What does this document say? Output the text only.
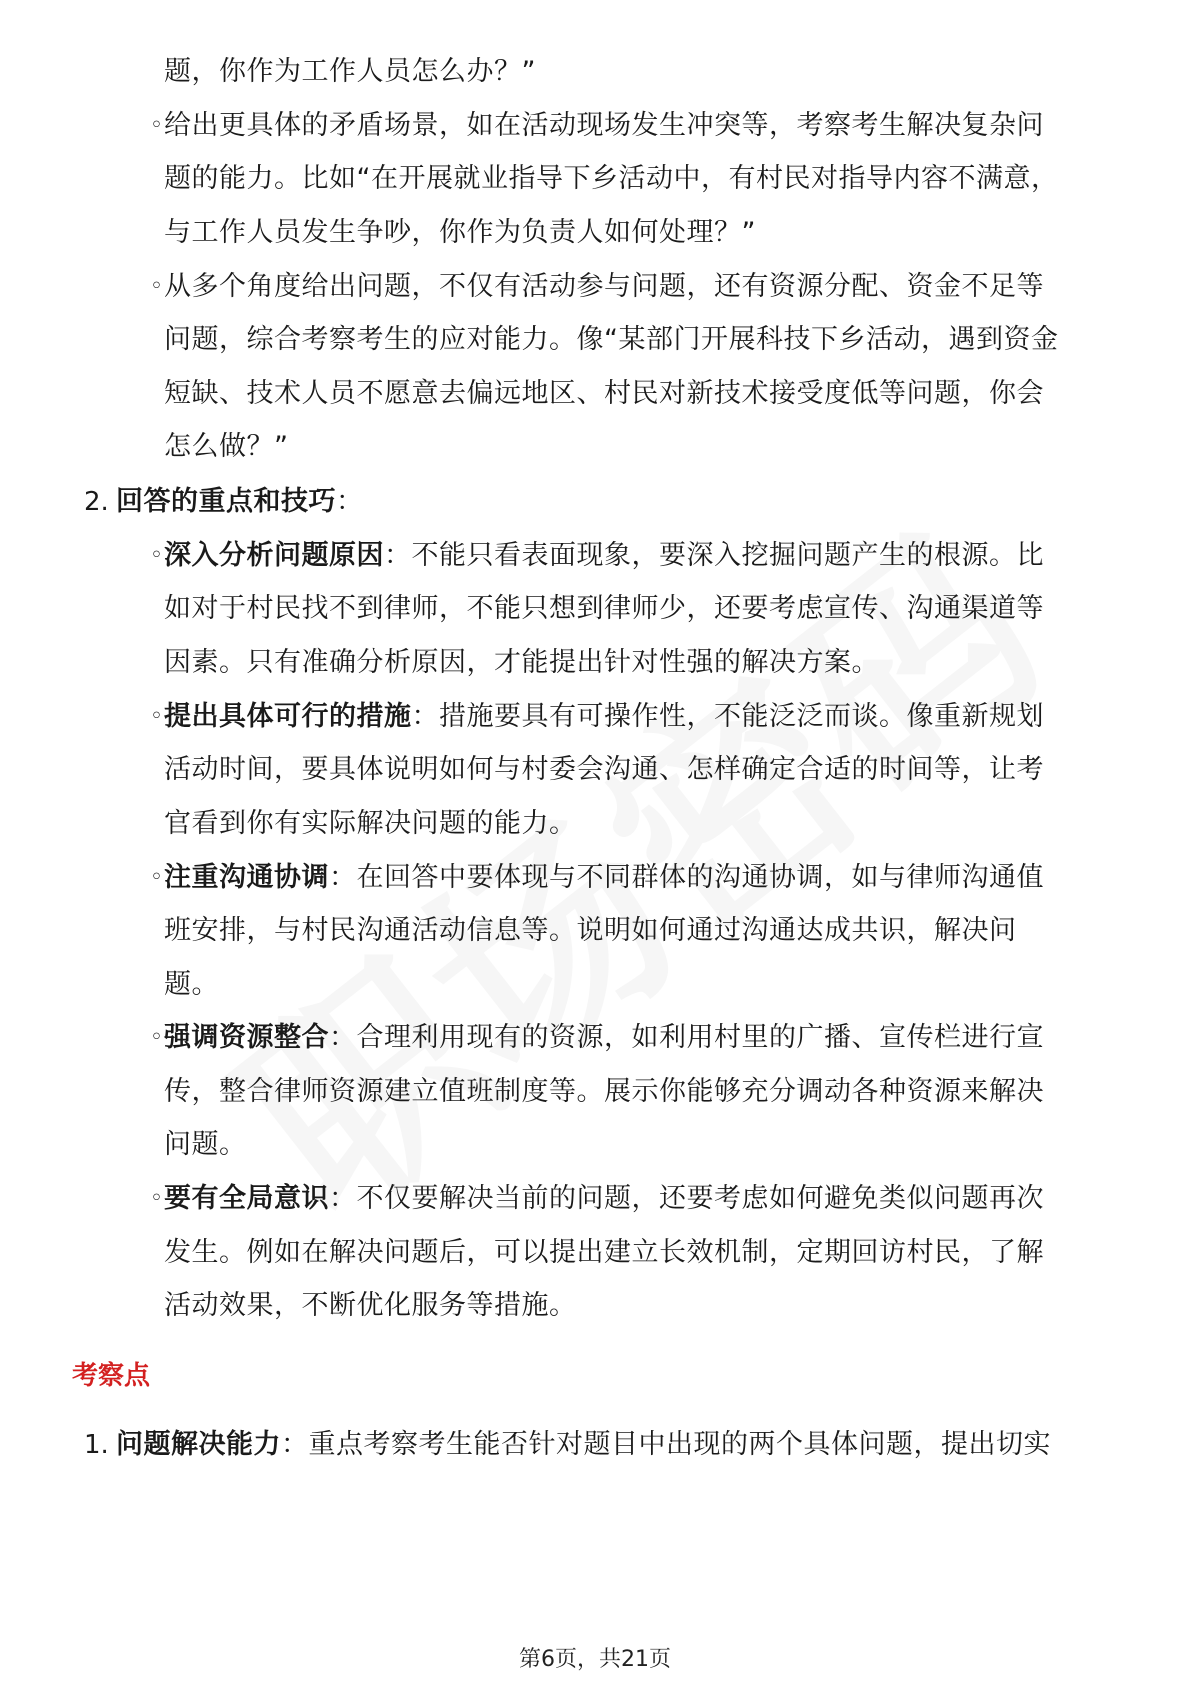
题，你作为工作人员怎么办？”
◦ 给出更具体的矛盾场景，如在活动现场发生冲突等，考察考生解决复杂问
题的能力。比如“在开展就业指导下乡活动中，有村民对指导内容不满意，
与工作人员发生争吵，你作为负责人如何处理？”
◦ 从多个角度给出问题，不仅有活动参与问题，还有资源分配、资金不足等
问题，综合考察考生的应对能力。像“某部门开展科技下乡活动，遇到资金
短缺、技术人员不愿意去偏远地区、村民对新技术接受度低等问题，你会
怎么做？”
2. 回答的重点和技巧：
◦ 深入分析问题原因：不能只看表面现象，要深入挖掘问题产生的根源。比
如对于村民找不到律师，不能只想到律师少，还要考虑宣传、沟通渠道等
因素。只有准确分析原因，才能提出针对性强的解决方案。
◦ 提出具体可行的措施：措施要具有可操作性，不能泛泛而谈。像重新规划
活动时间，要具体说明如何与村委会沟通、怎样确定合适的时间等，让考
官看到你有实际解决问题的能力。
◦ 注重沟通协调：在回答中要体现与不同群体的沟通协调，如与律师沟通值
班安排，与村民沟通活动信息等。说明如何通过沟通达成共识，解决问
题。
◦ 强调资源整合：合理利用现有的资源，如利用村里的广播、宣传栏进行宣
传，整合律师资源建立值班制度等。展示你能够充分调动各种资源来解决
问题。
◦ 要有全局意识：不仅要解决当前的问题，还要考虑如何避免类似问题再次
发生。例如在解决问题后，可以提出建立长效机制，定期回访村民，了解
活动效果，不断优化服务等措施。
考察点
1. 问题解决能力：重点考察考生能否针对题目中出现的两个具体问题，提出切实
第6页，共21页
